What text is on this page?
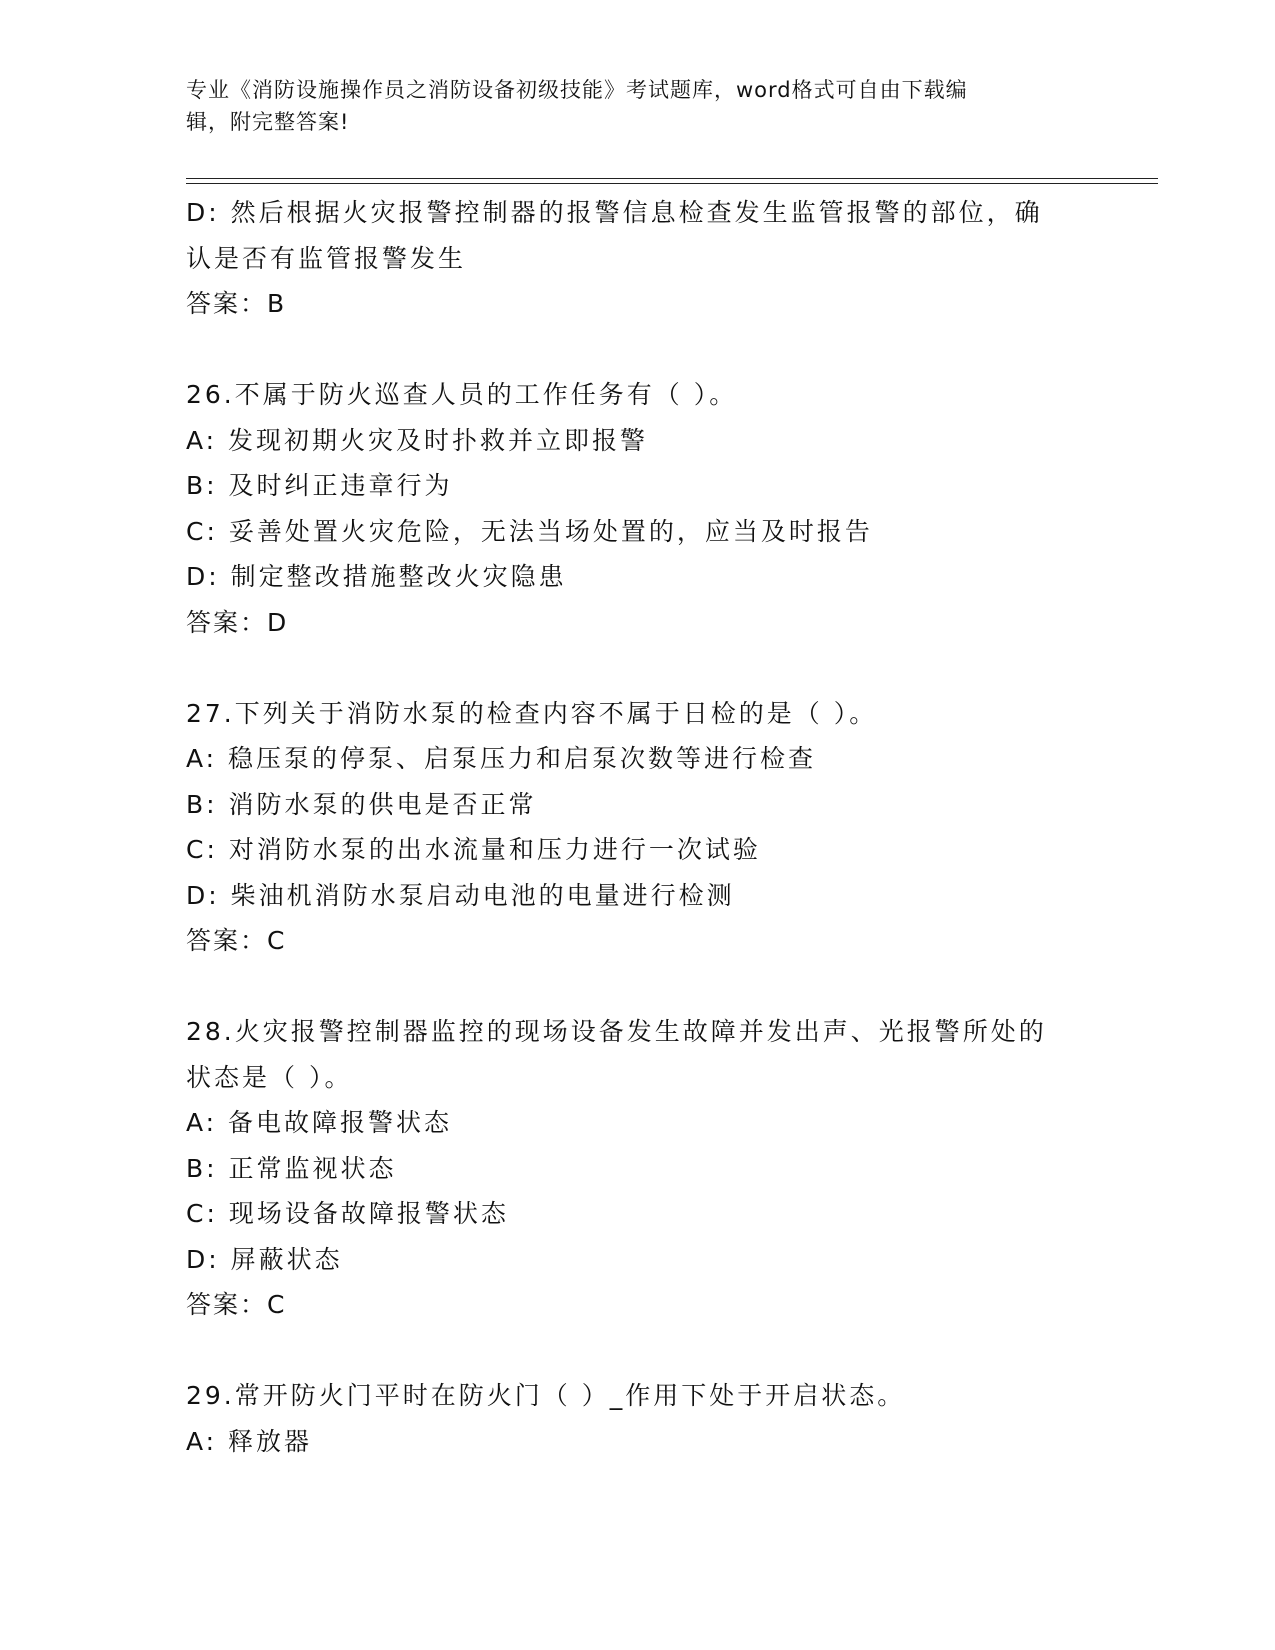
专业《消防设施操作员之消防设备初级技能》考试题库，word格式可自由下载编
辑，附完整答案!
D: 然后根据火灾报警控制器的报警信息检查发生监管报警的部位，确
认是否有监管报警发生
答案：B
26.不属于防火巡查人员的工作任务有（ ）。
A: 发现初期火灾及时扑救并立即报警
B: 及时纠正违章行为
C: 妥善处置火灾危险，无法当场处置的，应当及时报告
D: 制定整改措施整改火灾隐患
答案：D
27.下列关于消防水泵的检查内容不属于日检的是（ ）。
A: 稳压泵的停泵、启泵压力和启泵次数等进行检查
B: 消防水泵的供电是否正常
C: 对消防水泵的出水流量和压力进行一次试验
D: 柴油机消防水泵启动电池的电量进行检测
答案：C
28.火灾报警控制器监控的现场设备发生故障并发出声、光报警所处的
状态是（ ）。
A: 备电故障报警状态
B: 正常监视状态
C: 现场设备故障报警状态
D: 屏蔽状态
答案：C
29.常开防火门平时在防火门（ ）_作用下处于开启状态。
A: 释放器
